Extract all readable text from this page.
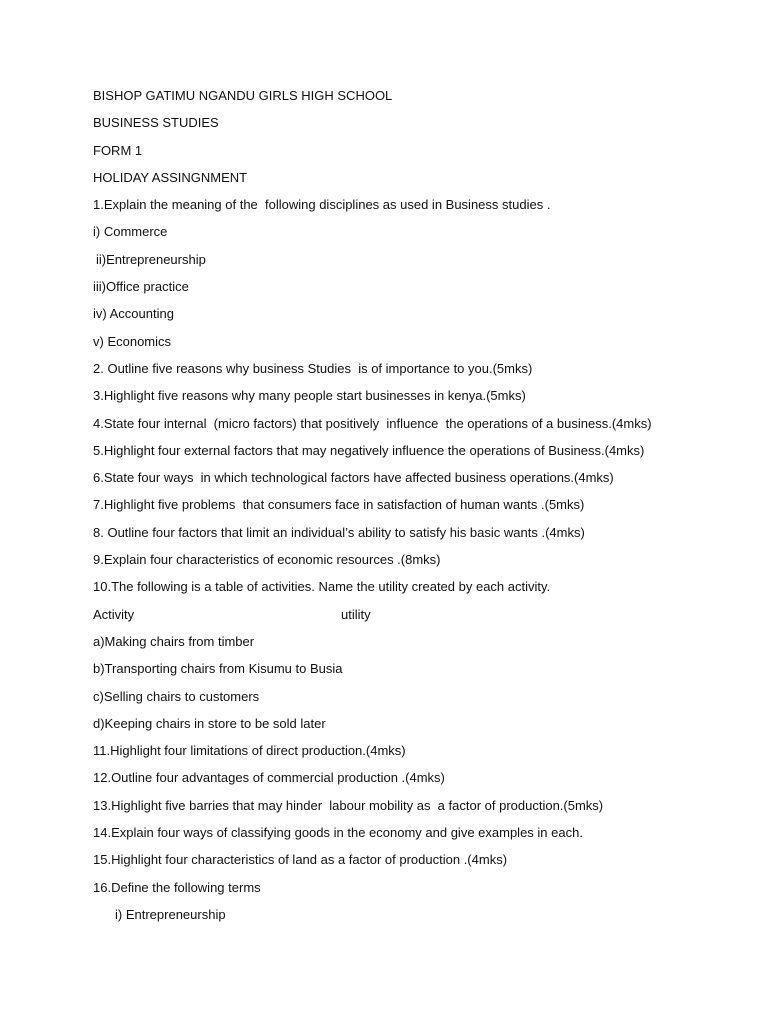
BISHOP GATIMU NGANDU GIRLS HIGH SCHOOL
BUSINESS STUDIES
FORM 1
HOLIDAY ASSINGNMENT
1.Explain the meaning of the  following disciplines as used in Business studies .
i) Commerce
ii)Entrepreneurship
iii)Office practice
iv) Accounting
v) Economics
2. Outline five reasons why business Studies  is of importance to you.(5mks)
3.Highlight five reasons why many people start businesses in kenya.(5mks)
4.State four internal  (micro factors) that positively  influence  the operations of a business.(4mks)
5.Highlight four external factors that may negatively influence the operations of Business.(4mks)
6.State four ways  in which technological factors have affected business operations.(4mks)
7.Highlight five problems  that consumers face in satisfaction of human wants .(5mks)
8. Outline four factors that limit an individual’s ability to satisfy his basic wants .(4mks)
9.Explain four characteristics of economic resources .(8mks)
10.The following is a table of activities. Name the utility created by each activity.
Activity	utility
a)Making chairs from timber
b)Transporting chairs from Kisumu to Busia
c)Selling chairs to customers
d)Keeping chairs in store to be sold later
11.Highlight four limitations of direct production.(4mks)
12.Outline four advantages of commercial production .(4mks)
13.Highlight five barries that may hinder  labour mobility as  a factor of production.(5mks)
14.Explain four ways of classifying goods in the economy and give examples in each.
15.Highlight four characteristics of land as a factor of production .(4mks)
16.Define the following terms
i) Entrepreneurship
